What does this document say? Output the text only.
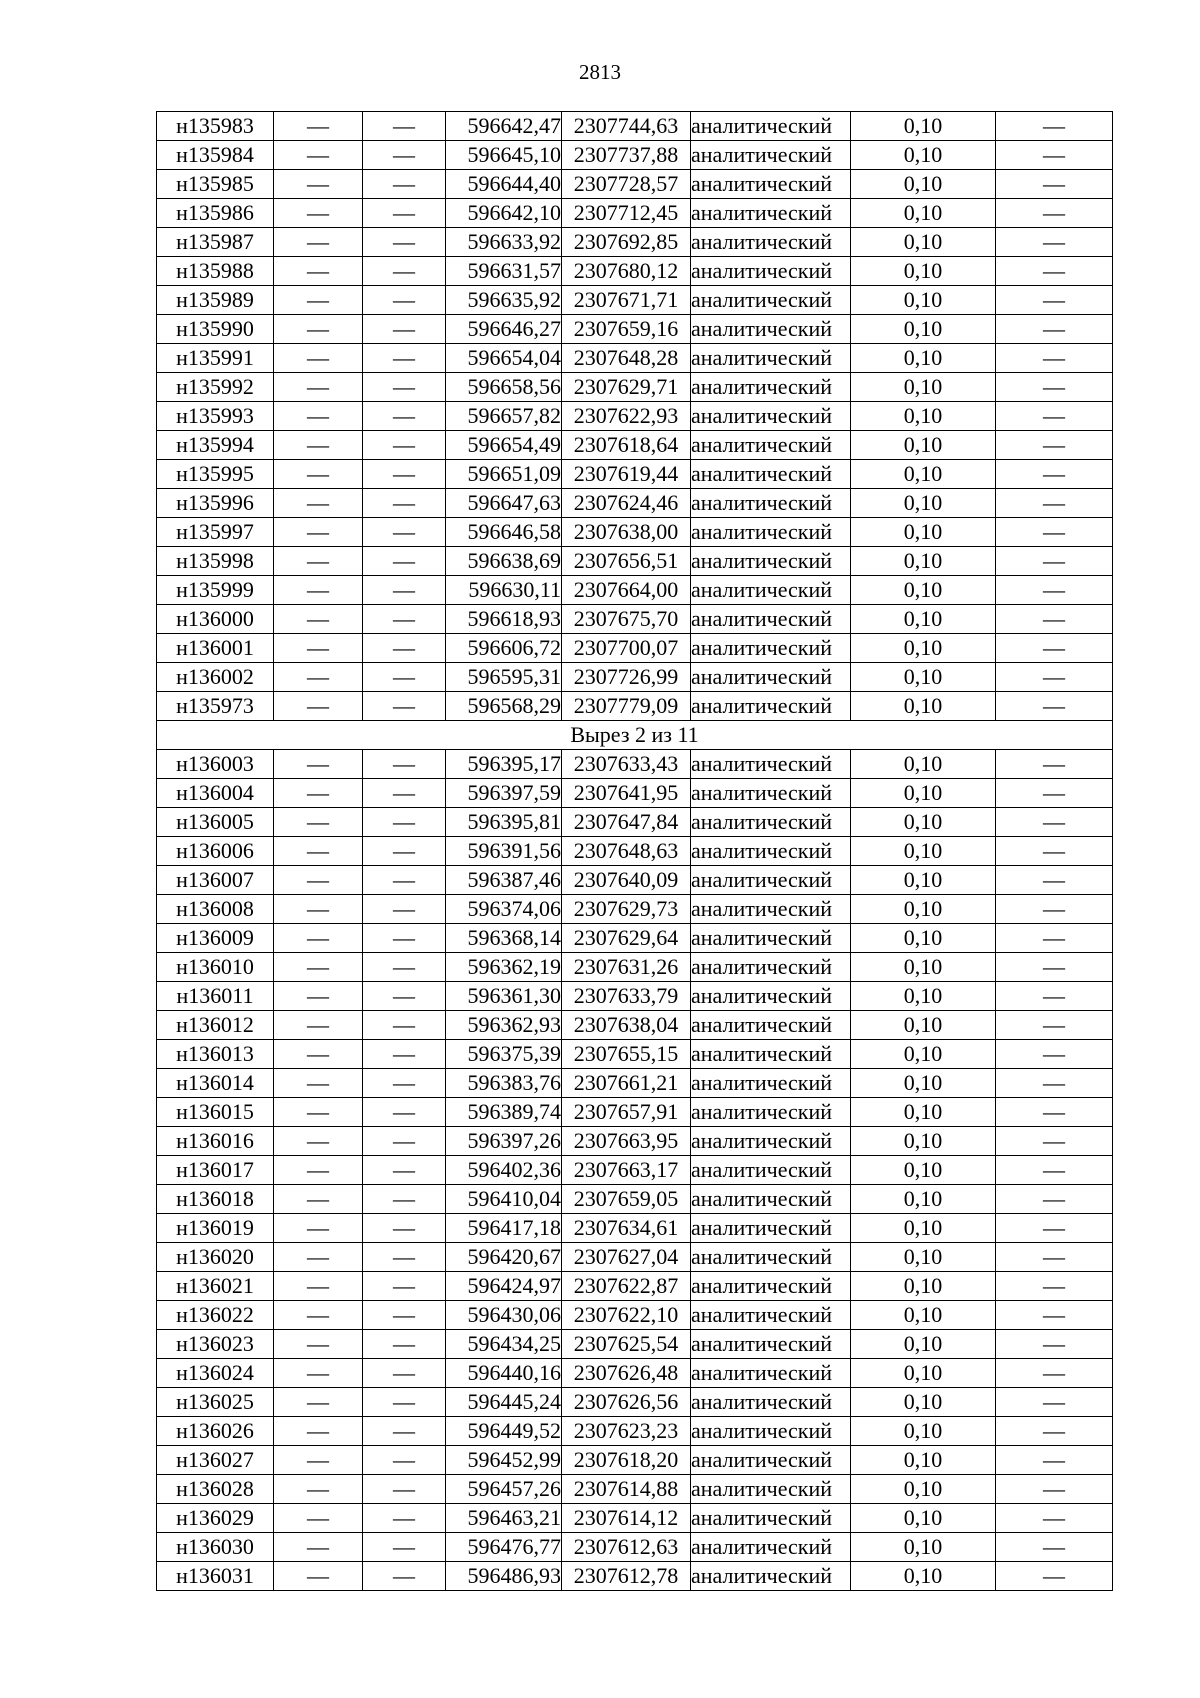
2813
н135983	—	—	596642,47	2307744,63	аналитический	0,10	—
н135984	—	—	596645,10	2307737,88	аналитический	0,10	—
н135985	—	—	596644,40	2307728,57	аналитический	0,10	—
н135986	—	—	596642,10	2307712,45	аналитический	0,10	—
н135987	—	—	596633,92	2307692,85	аналитический	0,10	—
н135988	—	—	596631,57	2307680,12	аналитический	0,10	—
н135989	—	—	596635,92	2307671,71	аналитический	0,10	—
н135990	—	—	596646,27	2307659,16	аналитический	0,10	—
н135991	—	—	596654,04	2307648,28	аналитический	0,10	—
н135992	—	—	596658,56	2307629,71	аналитический	0,10	—
н135993	—	—	596657,82	2307622,93	аналитический	0,10	—
н135994	—	—	596654,49	2307618,64	аналитический	0,10	—
н135995	—	—	596651,09	2307619,44	аналитический	0,10	—
н135996	—	—	596647,63	2307624,46	аналитический	0,10	—
н135997	—	—	596646,58	2307638,00	аналитический	0,10	—
н135998	—	—	596638,69	2307656,51	аналитический	0,10	—
н135999	—	—	596630,11	2307664,00	аналитический	0,10	—
н136000	—	—	596618,93	2307675,70	аналитический	0,10	—
н136001	—	—	596606,72	2307700,07	аналитический	0,10	—
н136002	—	—	596595,31	2307726,99	аналитический	0,10	—
н135973	—	—	596568,29	2307779,09	аналитический	0,10	—
Вырез 2 из 11							
н136003	—	—	596395,17	2307633,43	аналитический	0,10	—
н136004	—	—	596397,59	2307641,95	аналитический	0,10	—
н136005	—	—	596395,81	2307647,84	аналитический	0,10	—
н136006	—	—	596391,56	2307648,63	аналитический	0,10	—
н136007	—	—	596387,46	2307640,09	аналитический	0,10	—
н136008	—	—	596374,06	2307629,73	аналитический	0,10	—
н136009	—	—	596368,14	2307629,64	аналитический	0,10	—
н136010	—	—	596362,19	2307631,26	аналитический	0,10	—
н136011	—	—	596361,30	2307633,79	аналитический	0,10	—
н136012	—	—	596362,93	2307638,04	аналитический	0,10	—
н136013	—	—	596375,39	2307655,15	аналитический	0,10	—
н136014	—	—	596383,76	2307661,21	аналитический	0,10	—
н136015	—	—	596389,74	2307657,91	аналитический	0,10	—
н136016	—	—	596397,26	2307663,95	аналитический	0,10	—
н136017	—	—	596402,36	2307663,17	аналитический	0,10	—
н136018	—	—	596410,04	2307659,05	аналитический	0,10	—
н136019	—	—	596417,18	2307634,61	аналитический	0,10	—
н136020	—	—	596420,67	2307627,04	аналитический	0,10	—
н136021	—	—	596424,97	2307622,87	аналитический	0,10	—
н136022	—	—	596430,06	2307622,10	аналитический	0,10	—
н136023	—	—	596434,25	2307625,54	аналитический	0,10	—
н136024	—	—	596440,16	2307626,48	аналитический	0,10	—
н136025	—	—	596445,24	2307626,56	аналитический	0,10	—
н136026	—	—	596449,52	2307623,23	аналитический	0,10	—
н136027	—	—	596452,99	2307618,20	аналитический	0,10	—
н136028	—	—	596457,26	2307614,88	аналитический	0,10	—
н136029	—	—	596463,21	2307614,12	аналитический	0,10	—
н136030	—	—	596476,77	2307612,63	аналитический	0,10	—
н136031	—	—	596486,93	2307612,78	аналитический	0,10	—
